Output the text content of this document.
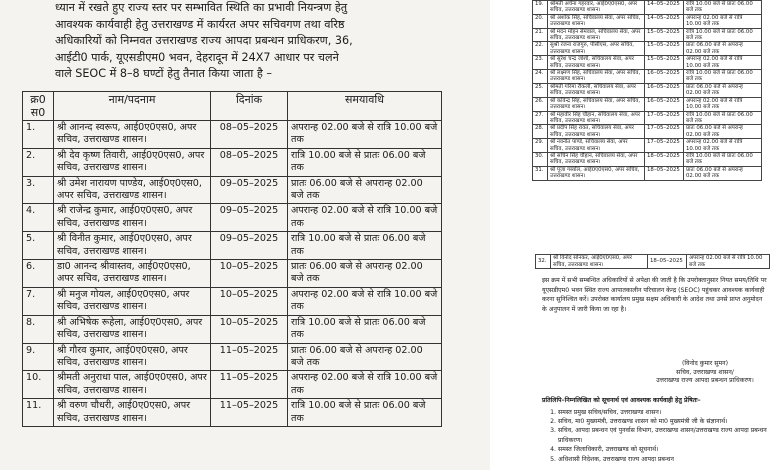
ध्यान में रखते हुए राज्य स्तर पर सम्भावित स्थिति का प्रभावी नियन्त्रण हेतु
आवश्यक कार्यवाही हेतु उत्तराखण्ड में कार्यरत अपर सचिवगण तथा वरिष्ठ
अधिकारियों को निम्नवत उत्तराखण्ड राज्य आपदा प्रबन्धन प्राधिकरण, 36,
आईटी0 पार्क, यूएसडीएम0 भवन, देहरादून में 24X7 आधार पर चलने
वाले SEOC में 8–8 घण्टों हेतु तैनात किया जाता है –
क्र0 स0	नाम/पदनाम	दिनांक	समयावधि
1.	श्री आनन्द स्वरूप, आई0ए0एस0, अपर सचिव, उत्तराखण्ड शासन।	08–05–2025	अपरान्ह 02.00 बजे से रात्रि 10.00 बजे तक
2.	श्री देव कृष्ण तिवारी, आई0ए0एस0, अपर सचिव, उत्तराखण्ड शासन।	08–05–2025	रात्रि 10.00 बजे से प्रातः 06.00 बजे तक
3.	श्री उमेश नारायण पाण्डेय, आई0ए0एस0, अपर सचिव, उत्तराखण्ड शासन।	09–05–2025	प्रातः 06.00 बजे से अपरान्ह 02.00 बजे तक
4.	श्री राजेन्द्र कुमार, आई0ए0एस0, अपर सचिव, उत्तराखण्ड शासन।	09–05–2025	अपरान्ह 02.00 बजे से रात्रि 10.00 बजे तक
5.	श्री विनीत कुमार, आई0ए0एस0, अपर सचिव, उत्तराखण्ड शासन।	09–05–2025	रात्रि 10.00 बजे से प्रातः 06.00 बजे तक
6.	डा0 आनन्द श्रीवास्तव, आई0ए0एस0, अपर सचिव, उत्तराखण्ड शासन।	10–05–2025	प्रातः 06.00 बजे से अपरान्ह 02.00 बजे तक
7.	श्री मनुज गोयल, आई0ए0एस0, अपर सचिव, उत्तराखण्ड शासन।	10–05–2025	अपरान्ह 02.00 बजे से रात्रि 10.00 बजे तक
8.	श्री अभिषेक रूहेला, आई0ए0एस0, अपर सचिव, उत्तराखण्ड शासन।	10–05–2025	रात्रि 10.00 बजे से प्रातः 06.00 बजे तक
9.	श्री गौरव कुमार, आई0ए0एस0, अपर सचिव, उत्तराखण्ड शासन।	11–05–2025	प्रातः 06.00 बजे से अपरान्ह 02.00 बजे तक
10.	श्रीमती अनुराधा पाल, आई0ए0एस0, अपर सचिव, उत्तराखण्ड शासन।	11–05–2025	अपरान्ह 02.00 बजे से रात्रि 10.00 बजे तक
11.	श्री वरुण चौधरी, आई0ए0एस0, अपर सचिव, उत्तराखण्ड शासन।	11–05–2025	रात्रि 10.00 बजे से प्रातः 06.00 बजे तक
19.	श्रीमती अर्चना गहरवार, आई0ए0एस0, अपर सचिव, उत्तराखण्ड शासन।	14–05–2025	रात्रि 10.00 बजे से प्रातः 06.00 बजे तक
20.	श्री अशोक सिंह, सचिवालय सेवा, अपर सचिव, उत्तराखण्ड शासन।	14–05–2025	अपरान्ह 02.00 बजे से रात्रि 10.00 बजे तक
21.	श्री मदन मोहन सेमवाल, सचिवालय सेवा, अपर सचिव, उत्तराखण्ड शासन।	15–05–2025	रात्रि 10.00 बजे से प्रातः 06.00 बजे तक
22.	सुश्री रंजना राजगुरु, पीसीएस, अपर सचिव, उत्तराखण्ड शासन।	15–05–2025	प्रातः 06.00 बजे से अपरान्ह 02.00 बजे तक
23.	श्री सुरेश चन्द्र जोशी, सचिवालय सेवा, अपर सचिव, उत्तराखण्ड शासन।	15–05–2025	अपरान्ह 02.00 बजे से रात्रि 10.00 बजे तक
24.	श्री लक्ष्मण सिंह, सचिवालय सेवा, अपर सचिव, उत्तराखण्ड शासन।	16–05–2025	रात्रि 10.00 बजे से प्रातः 06.00 बजे तक
25.	श्रीमती गरिमा रौंकली, सचिवालय सेवा, अपर सचिव, उत्तराखण्ड शासन।	16–05–2025	प्रातः 06.00 बजे से अपरान्ह 02.00 बजे तक
26.	श्री कविन्द्र सिंह, सचिवालय सेवा, अपर सचिव, उत्तराखण्ड शासन।	16–05–2025	अपरान्ह 02.00 बजे से रात्रि 10.00 बजे तक
27.	श्री महावीर सिंह चौहान, सचिवालय सेवा, अपर सचिव, उत्तराखण्ड शासन।	17–05–2025	रात्रि 10.00 बजे से प्रातः 06.00 बजे तक
28.	श्री प्रदीप सिंह रावत, सचिवालय सेवा, अपर सचिव, उत्तराखण्ड शासन।	17–05–2025	प्रातः 06.00 बजे से अपरान्ह 02.00 बजे तक
29.	श्री नवनीत पाण्डे, सचिवालय सेवा, अपर सचिव, उत्तराखण्ड शासन।	17–05–2025	अपरान्ह 02.00 बजे से रात्रि 10.00 बजे तक
30.	श्री सचिन सिंह चौहान, सचिवालय सेवा, अपर सचिव, उत्तराखण्ड शासन।	18–05–2025	रात्रि 10.00 बजे से प्रातः 06.00 बजे तक
31.	श्री पूजा गर्ब्याल, आई0ए0एस0, अपर सचिव, उत्तराखण्ड शासन।	18–05–2025	प्रातः 06.00 बजे से अपरान्ह 02.00 बजे तक
32.	श्री विनोद सोनकर, आई0ए0एस0, अपर सचिव, उत्तराखण्ड शासन।	18–05–2025	अपरान्ह 02.00 बजे से रात्रि 10.00 बजे तक
इस क्रम में सभी सम्बन्धित अधिकारियों से अपेक्षा की जाती है कि उपरोक्तानुसार नियत समय/तिथि पर यूएसडीएम0 भवन स्थित राज्य आपातकालीन परिचालन केन्द्र (SEOC) पहुंचकर आवश्यक कार्यवाही करना सुनिश्चित करें। उपरोक्त कार्यालय प्रमुख सक्षम अधिकारी के आदेश तथा उनसे प्राप्त अनुमोदन के अनुपालन में जारी किया जा रहा है।
(विनोद कुमार सुमन)
सचिव, उत्तराखण्ड शासन/
उत्तराखण्ड राज्य आपदा प्रबन्धन प्राधिकरण।
प्रतिलिपि–निम्नलिखित को सूचनार्थ एवं आवश्यक कार्यवाही हेतु प्रेषितः–
1. समस्त प्रमुख सचिव/सचिव, उत्तराखण्ड शासन।
2. सचिव, मा0 मुख्यमंत्री, उत्तराखण्ड शासन को मा0 मुख्यमंत्री जी के संज्ञानार्थ।
3. सचिव, आपदा प्रबन्धन एवं पुनर्वास विभाग, उत्तराखण्ड शासन/उत्तराखण्ड राज्य आपदा प्रबन्धन प्राधिकरण।
4. समस्त जिलाधिकारी, उत्तराखण्ड को सूचनार्थ।
5. अधिशासी निदेशक, उत्तराखण्ड राज्य आपदा प्रबन्धन
